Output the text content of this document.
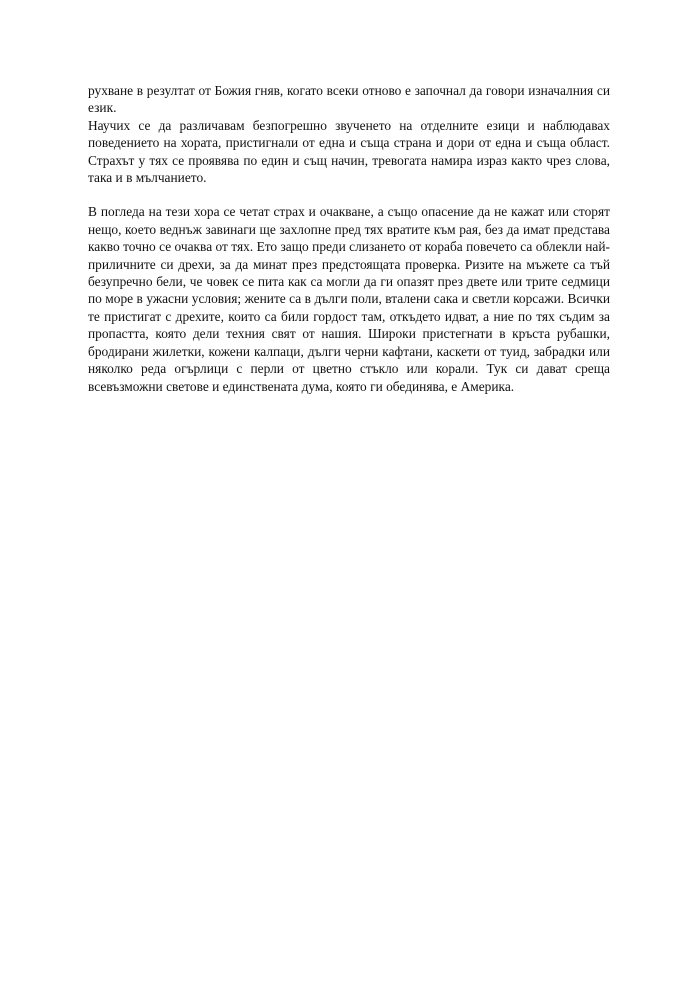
рухване в резултат от Божия гняв, когато всеки отново е започнал да говори изначалния си език.

Научих се да различавам безпогрешно звученето на отделните езици и наблюдавах поведението на хората, пристигнали от една и съща страна и дори от една и съща област. Страхът у тях се проявява по един и същ начин, тревогата намира израз както чрез слова, така и в мълчанието.

В погледа на тези хора се четат страх и очакване, а също опасение да не кажат или сторят нещо, което веднъж завинаги ще захлопне пред тях вратите към рая, без да имат представа какво точно се очаква от тях. Ето защо преди слизането от кораба повечето са облекли най-приличните си дрехи, за да минат през предстоящата проверка. Ризите на мъжете са тъй безупречно бели, че човек се пита как са могли да ги опазят през двете или трите седмици по море в ужасни условия; жените са в дълги поли, вталени сака и светли корсажи. Всички те пристигат с дрехите, които са били гордост там, откъдето идват, а ние по тях съдим за пропастта, която дели техния свят от нашия. Широки пристегнати в кръста рубашки, бродирани жилетки, кожени калпаци, дълги черни кафтани, каскети от туид, забрадки или няколко реда огърлици с перли от цветно стъкло или корали. Тук си дават среща всевъзможни светове и единствената дума, която ги обединява, е Америка.
